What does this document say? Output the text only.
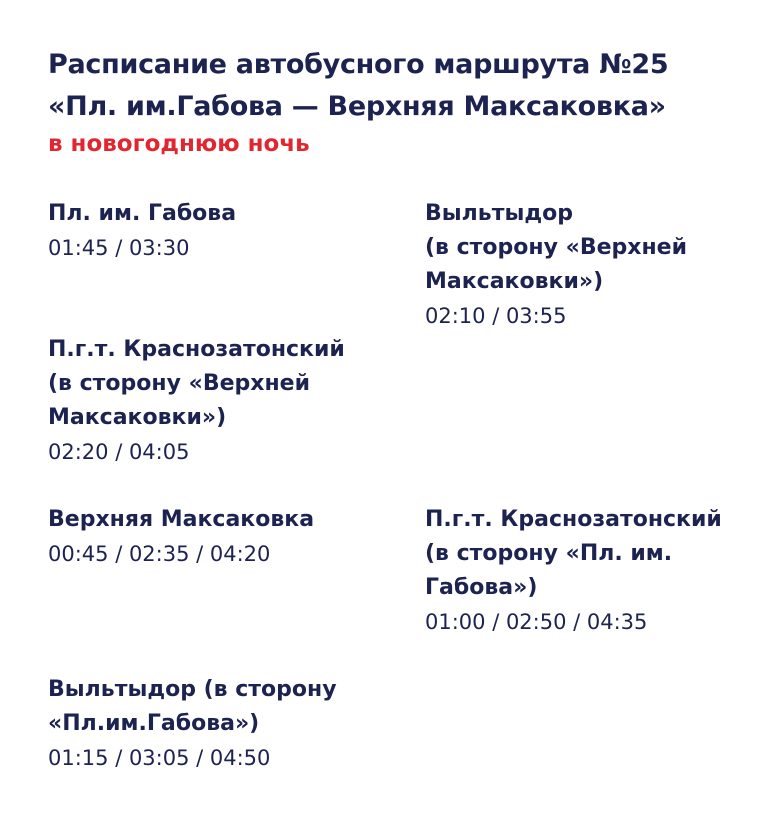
Расписание автобусного маршрута №25
«Пл. им.Габова — Верхняя Максаковка»
в новогоднюю ночь
Пл. им. Габова
01:45 / 03:30
Выльтыдор
(в сторону «Верхней
Максаковки»)
02:10 / 03:55
П.г.т. Краснозатонский
(в сторону «Верхней
Максаковки»)
02:20 / 04:05
Верхняя Максаковка
00:45 / 02:35 / 04:20
П.г.т. Краснозатонский
(в сторону «Пл. им.
Габова»)
01:00 / 02:50 / 04:35
Выльтыдор (в сторону
«Пл.им.Габова»)
01:15 / 03:05 / 04:50
